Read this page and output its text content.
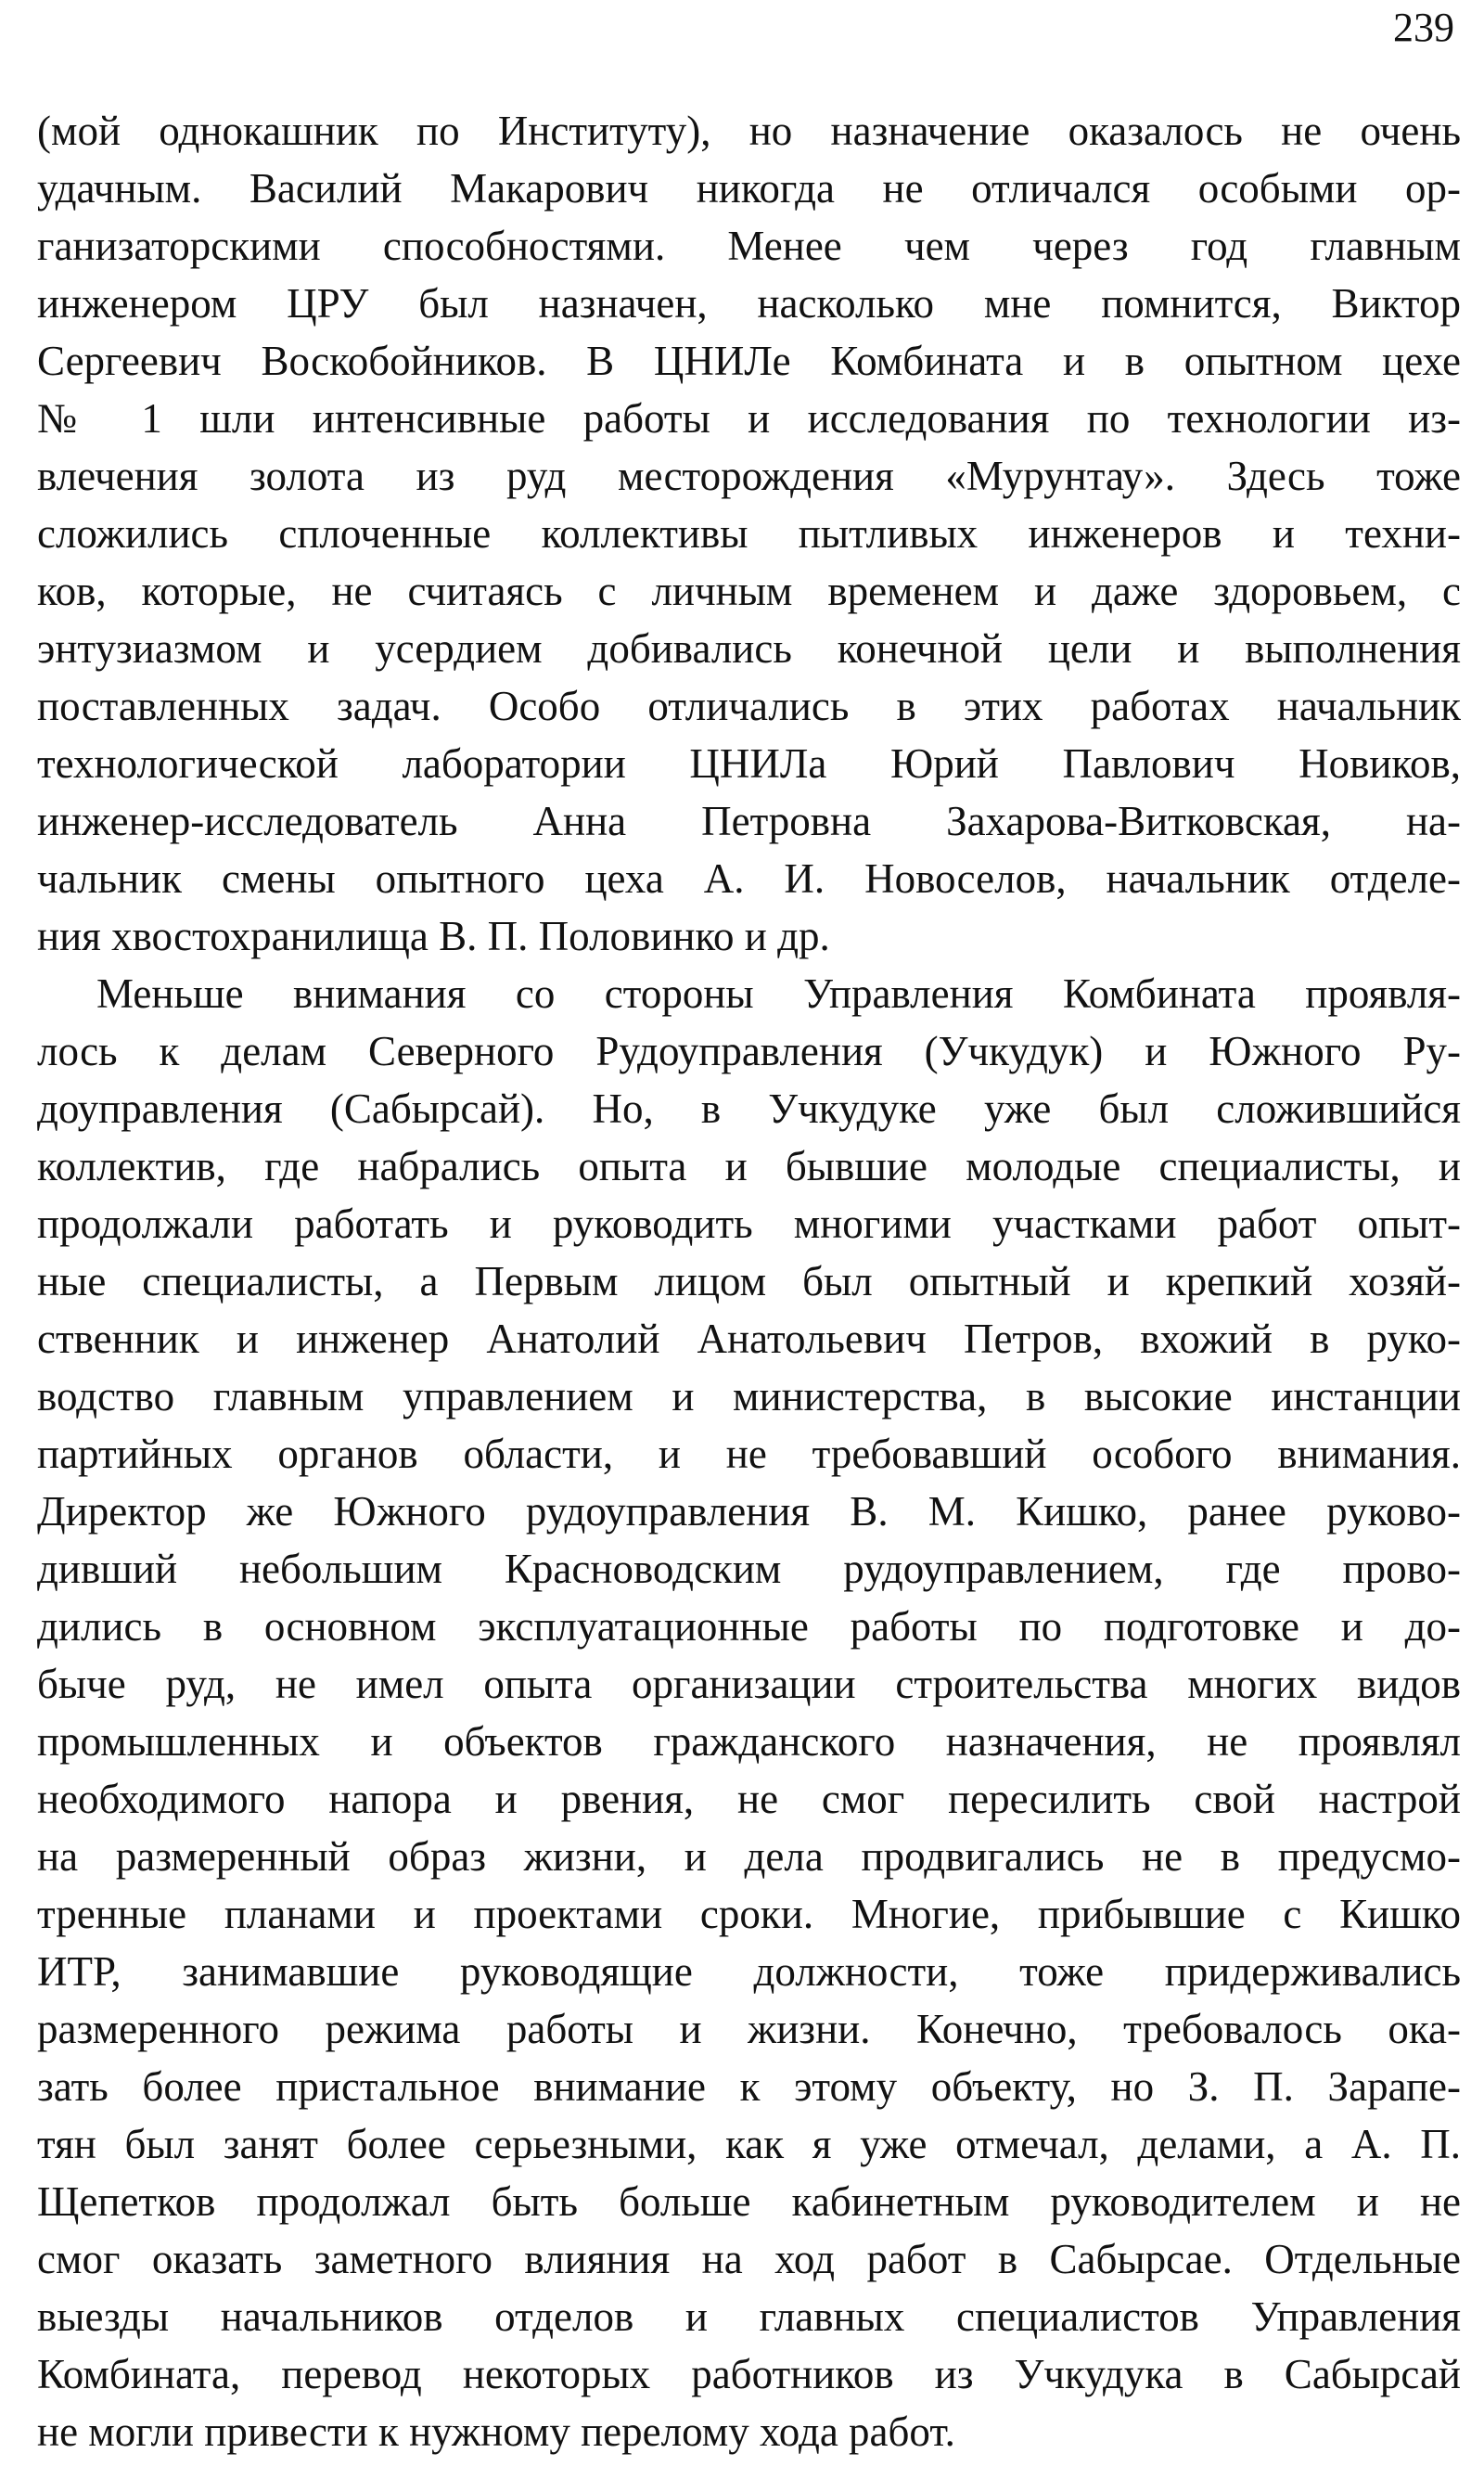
239
(мой однокашник по Институту), но назначение оказалось не очень
удачным. Василий Макарович никогда не отличался особыми ор-
ганизаторскими способностями. Менее чем через год главным
инженером ЦРУ был назначен, насколько мне помнится, Виктор
Сергеевич Воскобойников. В ЦНИЛе Комбината и в опытном цехе
№ 1 шли интенсивные работы и исследования по технологии из-
влечения золота из руд месторождения «Мурунтау». Здесь тоже
сложились сплоченные коллективы пытливых инженеров и техни-
ков, которые, не считаясь с личным временем и даже здоровьем, с
энтузиазмом и усердием добивались конечной цели и выполнения
поставленных задач. Особо отличались в этих работах начальник
технологической лаборатории ЦНИЛа Юрий Павлович Новиков,
инженер-исследователь Анна Петровна Захарова-Витковская, на-
чальник смены опытного цеха А. И. Новоселов, начальник отделе-
ния хвостохранилища В. П. Половинко и др.
Меньше внимания со стороны Управления Комбината проявля-
лось к делам Северного Рудоуправления (Учкудук) и Южного Ру-
доуправления (Сабырсай). Но, в Учкудуке уже был сложившийся
коллектив, где набрались опыта и бывшие молодые специалисты, и
продолжали работать и руководить многими участками работ опыт-
ные специалисты, а Первым лицом был опытный и крепкий хозяй-
ственник и инженер Анатолий Анатольевич Петров, вхожий в руко-
водство главным управлением и министерства, в высокие инстанции
партийных органов области, и не требовавший особого внимания.
Директор же Южного рудоуправления В. М. Кишко, ранее руково-
дивший небольшим Красноводским рудоуправлением, где прово-
дились в основном эксплуатационные работы по подготовке и до-
быче руд, не имел опыта организации строительства многих видов
промышленных и объектов гражданского назначения, не проявлял
необходимого напора и рвения, не смог пересилить свой настрой
на размеренный образ жизни, и дела продвигались не в предусмо-
тренные планами и проектами сроки. Многие, прибывшие с Кишко
ИТР, занимавшие руководящие должности, тоже придерживались
размеренного режима работы и жизни. Конечно, требовалось ока-
зать более пристальное внимание к этому объекту, но З. П. Зарапе-
тян был занят более серьезными, как я уже отмечал, делами, а А. П.
Щепетков продолжал быть больше кабинетным руководителем и не
смог оказать заметного влияния на ход работ в Сабырсае. Отдельные
выезды начальников отделов и главных специалистов Управления
Комбината, перевод некоторых работников из Учкудука в Сабырсай
не могли привести к нужному перелому хода работ.
